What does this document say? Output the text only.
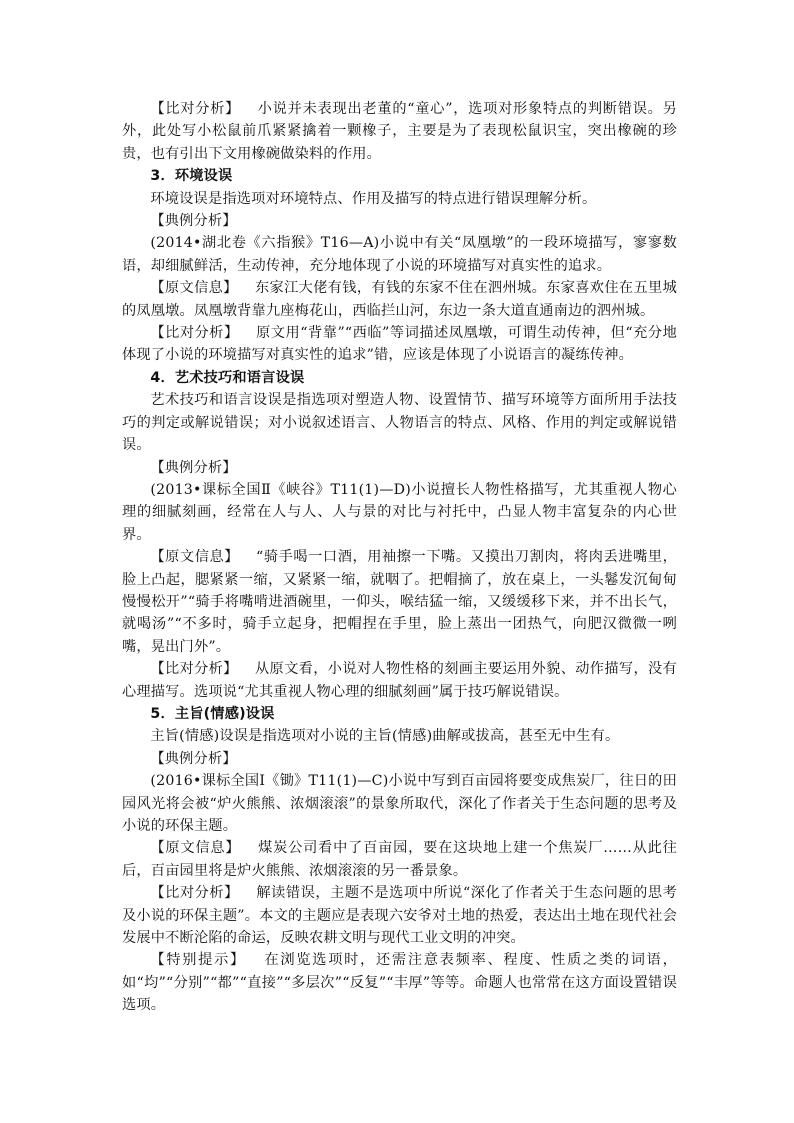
【比对分析】 小说并未表现出老董的“童心”，选项对形象特点的判断错误。另外，此处写小松鼠前爪紧紧擒着一颗橡子，主要是为了表现松鼠识宝，突出橡碗的珍贵，也有引出下文用橡碗做染料的作用。

3．环境设误

环境设误是指选项对环境特点、作用及描写的特点进行错误理解分析。

【典例分析】

(2014•湖北卷《六指猴》T16—A)小说中有关“凤凰墩”的一段环境描写，寥寥数语，却细腻鲜活，生动传神，充分地体现了小说的环境描写对真实性的追求。

【原文信息】 东家江大佬有钱，有钱的东家不住在泗州城。东家喜欢住在五里城的凤凰墩。凤凰墩背靠九座梅花山，西临拦山河，东边一条大道直通南边的泗州城。

【比对分析】 原文用“背靠”“西临”等词描述凤凰墩，可谓生动传神，但“充分地体现了小说的环境描写对真实性的追求”错，应该是体现了小说语言的凝练传神。

4．艺术技巧和语言设误

艺术技巧和语言设误是指选项对塑造人物、设置情节、描写环境等方面所用手法技巧的判定或解说错误；对小说叙述语言、人物语言的特点、风格、作用的判定或解说错误。

【典例分析】

(2013•课标全国Ⅱ《峡谷》T11(1)—D)小说擅长人物性格描写，尤其重视人物心理的细腻刻画，经常在人与人、人与景的对比与衬托中，凸显人物丰富复杂的内心世界。

【原文信息】 “骑手喝一口酒，用袖擦一下嘴。又摸出刀割肉，将肉丢进嘴里，脸上凸起，腮紧紧一缩，又紧紧一缩，就咽了。把帽摘了，放在桌上，一头鬈发沉甸甸慢慢松开”“骑手将嘴啃进酒碗里，一仰头，喉结猛一缩，又缓缓移下来，并不出长气，就喝汤”“不多时，骑手立起身，把帽捏在手里，脸上蒸出一团热气，向肥汉微微一咧嘴，晃出门外”。

【比对分析】 从原文看，小说对人物性格的刻画主要运用外貌、动作描写，没有心理描写。选项说“尤其重视人物心理的细腻刻画”属于技巧解说错误。

5．主旨(情感)设误

主旨(情感)设误是指选项对小说的主旨(情感)曲解或拔高，甚至无中生有。

【典例分析】

(2016•课标全国Ⅰ《锄》T11(1)—C)小说中写到百亩园将要变成焦炭厂，往日的田园风光将会被“炉火熊熊、浓烟滚滚”的景象所取代，深化了作者关于生态问题的思考及小说的环保主题。

【原文信息】 煤炭公司看中了百亩园，要在这块地上建一个焦炭厂……从此往后，百亩园里将是炉火熊熊、浓烟滚滚的另一番景象。

【比对分析】 解读错误，主题不是选项中所说“深化了作者关于生态问题的思考及小说的环保主题”。本文的主题应是表现六安爷对土地的热爱，表达出土地在现代社会发展中不断沦陷的命运，反映农耕文明与现代工业文明的冲突。

【特别提示】 在浏览选项时，还需注意表频率、程度、性质之类的词语，如“均”“分别”“都”“直接”“多层次”“反复”“丰厚”等等。命题人也常常在这方面设置错误选项。
